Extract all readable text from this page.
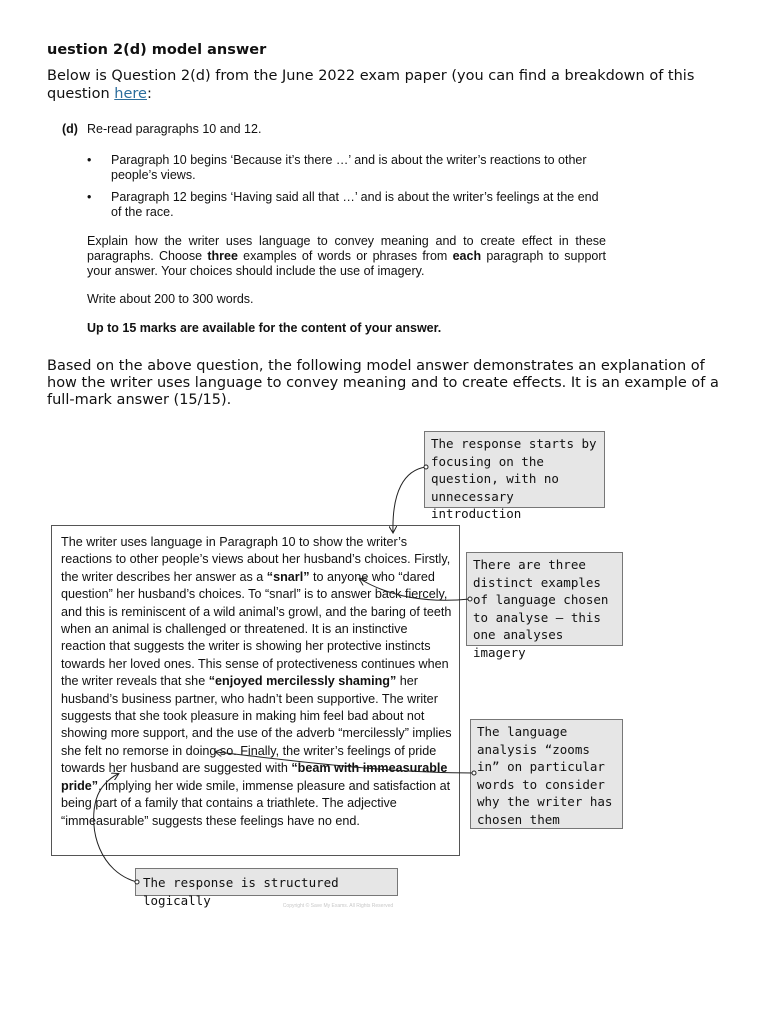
uestion 2(d) model answer

Below is Question 2(d) from the June 2022 exam paper (you can find a breakdown of this question here:

(d) Re-read paragraphs 10 and 12.
• Paragraph 10 begins ‘Because it’s there …’ and is about the writer’s reactions to other people’s views.
• Paragraph 12 begins ‘Having said all that …’ and is about the writer’s feelings at the end of the race.
Explain how the writer uses language to convey meaning and to create effect in these paragraphs. Choose three examples of words or phrases from each paragraph to support your answer. Your choices should include the use of imagery.
Write about 200 to 300 words.
Up to 15 marks are available for the content of your answer.

Based on the above question, the following model answer demonstrates an explanation of how the writer uses language to convey meaning and to create effects. It is an example of a full-mark answer (15/15).

The writer uses language in Paragraph 10 to show the writer’s reactions to other people’s views about her husband’s choices. Firstly, the writer describes her answer as a “snarl” to anyone who “dared question” her husband’s choices. To “snarl” is to answer back fiercely, and this is reminiscent of a wild animal’s growl, and the baring of teeth when an animal is challenged or threatened. It is an instinctive reaction that suggests the writer is showing her protective instincts towards her loved ones. This sense of protectiveness continues when the writer reveals that she “enjoyed mercilessly shaming” her husband’s business partner, who hadn’t been supportive. The writer suggests that she took pleasure in making him feel bad about not showing more support, and the use of the adverb “mercilessly” implies she felt no remorse in doing so. Finally, the writer’s feelings of pride towards her husband are suggested with “beam with immeasurable pride”, implying her wide smile, immense pleasure and satisfaction at being part of a family that contains a triathlete. The adjective “immeasurable” suggests these feelings have no end.

The response starts by focusing on the question, with no unnecessary introduction
There are three distinct examples of language chosen to analyse – this one analyses imagery
The language analysis “zooms in” on particular words to consider why the writer has chosen them
The response is structured logically	Copyright © Save My Exams. All Rights Reserved
